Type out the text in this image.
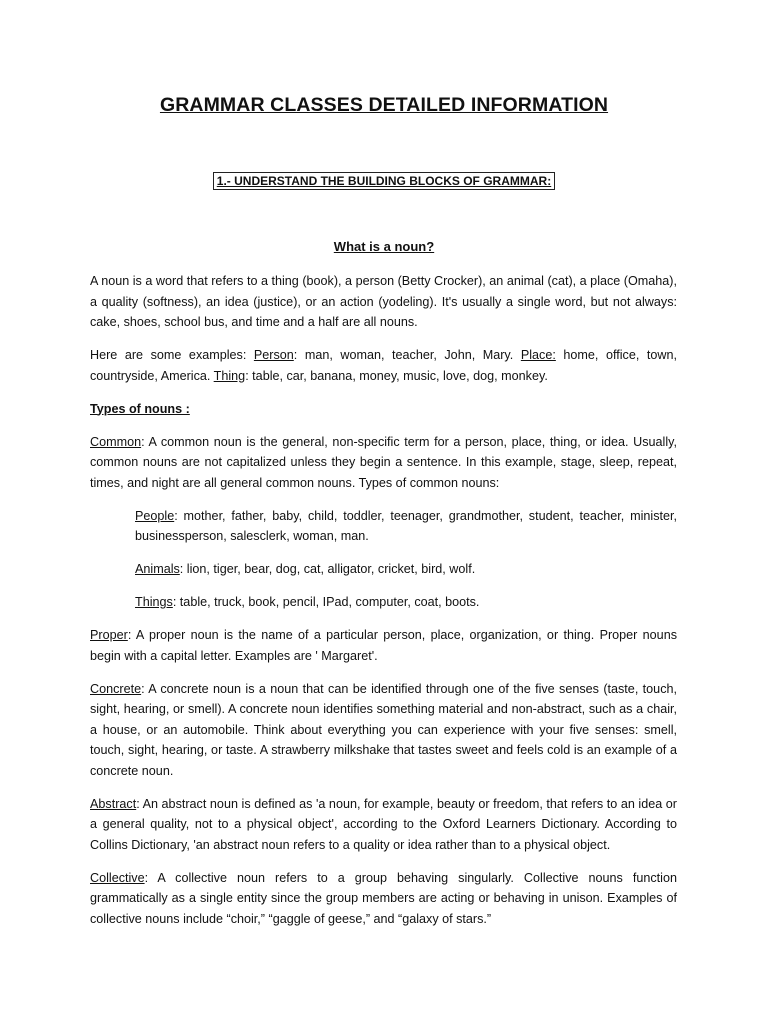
GRAMMAR CLASSES DETAILED INFORMATION
1.- UNDERSTAND THE BUILDING BLOCKS OF GRAMMAR:
What is a noun?

A noun is a word that refers to a thing (book), a person (Betty Crocker), an animal (cat), a place (Omaha), a quality (softness), an idea (justice), or an action (yodeling). It's usually a single word, but not always: cake, shoes, school bus, and time and a half are all nouns.

Here are some examples: Person: man, woman, teacher, John, Mary. Place: home, office, town, countryside, America. Thing: table, car, banana, money, music, love, dog, monkey.

Types of nouns :

Common: A common noun is the general, non-specific term for a person, place, thing, or idea. Usually, common nouns are not capitalized unless they begin a sentence. In this example, stage, sleep, repeat, times, and night are all general common nouns. Types of common nouns:

People: mother, father, baby, child, toddler, teenager, grandmother, student, teacher, minister, businessperson, salesclerk, woman, man.

Animals: lion, tiger, bear, dog, cat, alligator, cricket, bird, wolf.

Things: table, truck, book, pencil, IPad, computer, coat, boots.

Proper: A proper noun is the name of a particular person, place, organization, or thing. Proper nouns begin with a capital letter. Examples are ' Margaret'.

Concrete: A concrete noun is a noun that can be identified through one of the five senses (taste, touch, sight, hearing, or smell). A concrete noun identifies something material and non-abstract, such as a chair, a house, or an automobile. Think about everything you can experience with your five senses: smell, touch, sight, hearing, or taste. A strawberry milkshake that tastes sweet and feels cold is an example of a concrete noun.

Abstract: An abstract noun is defined as 'a noun, for example, beauty or freedom, that refers to an idea or a general quality, not to a physical object', according to the Oxford Learners Dictionary. According to Collins Dictionary, 'an abstract noun refers to a quality or idea rather than to a physical object.

Collective: A collective noun refers to a group behaving singularly. Collective nouns function grammatically as a single entity since the group members are acting or behaving in unison. Examples of collective nouns include “choir,” “gaggle of geese,” and “galaxy of stars.”
